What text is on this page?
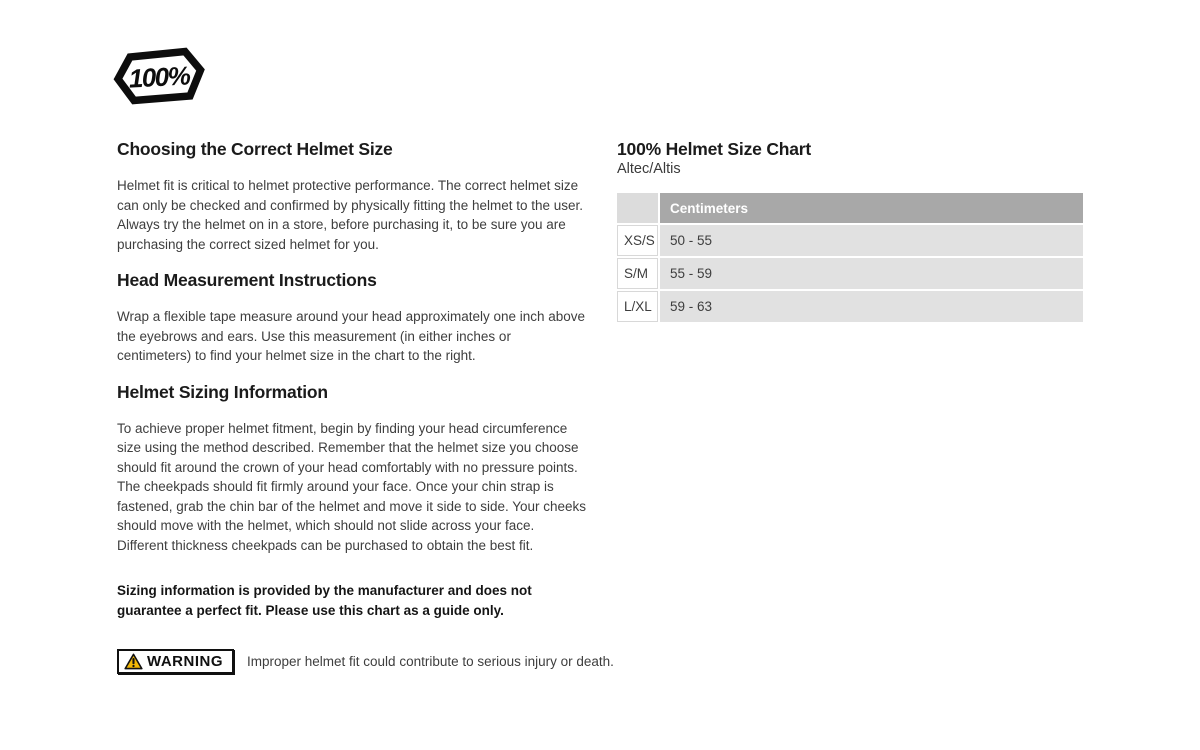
100%
Choosing the Correct Helmet Size

Helmet fit is critical to helmet protective performance. The correct helmet size can only be checked and confirmed by physically fitting the helmet to the user. Always try the helmet on in a store, before purchasing it, to be sure you are purchasing the correct sized helmet for you.

Head Measurement Instructions

Wrap a flexible tape measure around your head approximately one inch above the eyebrows and ears. Use this measurement (in either inches or centimeters) to find your helmet size in the chart to the right.

Helmet Sizing Information

To achieve proper helmet fitment, begin by finding your head circumference size using the method described. Remember that the helmet size you choose should fit around the crown of your head comfortably with no pressure points. The cheekpads should fit firmly around your face. Once your chin strap is fastened, grab the chin bar of the helmet and move it side to side. Your cheeks should move with the helmet, which should not slide across your face. Different thickness cheekpads can be purchased to obtain the best fit.

Sizing information is provided by the manufacturer and does not guarantee a perfect fit. Please use this chart as a guide only.

WARNING Improper helmet fit could contribute to serious injury or death.
100% Helmet Size Chart
Altec/Altis
	Centimeters
XS/S	50 - 55
S/M	55 - 59
L/XL	59 - 63
